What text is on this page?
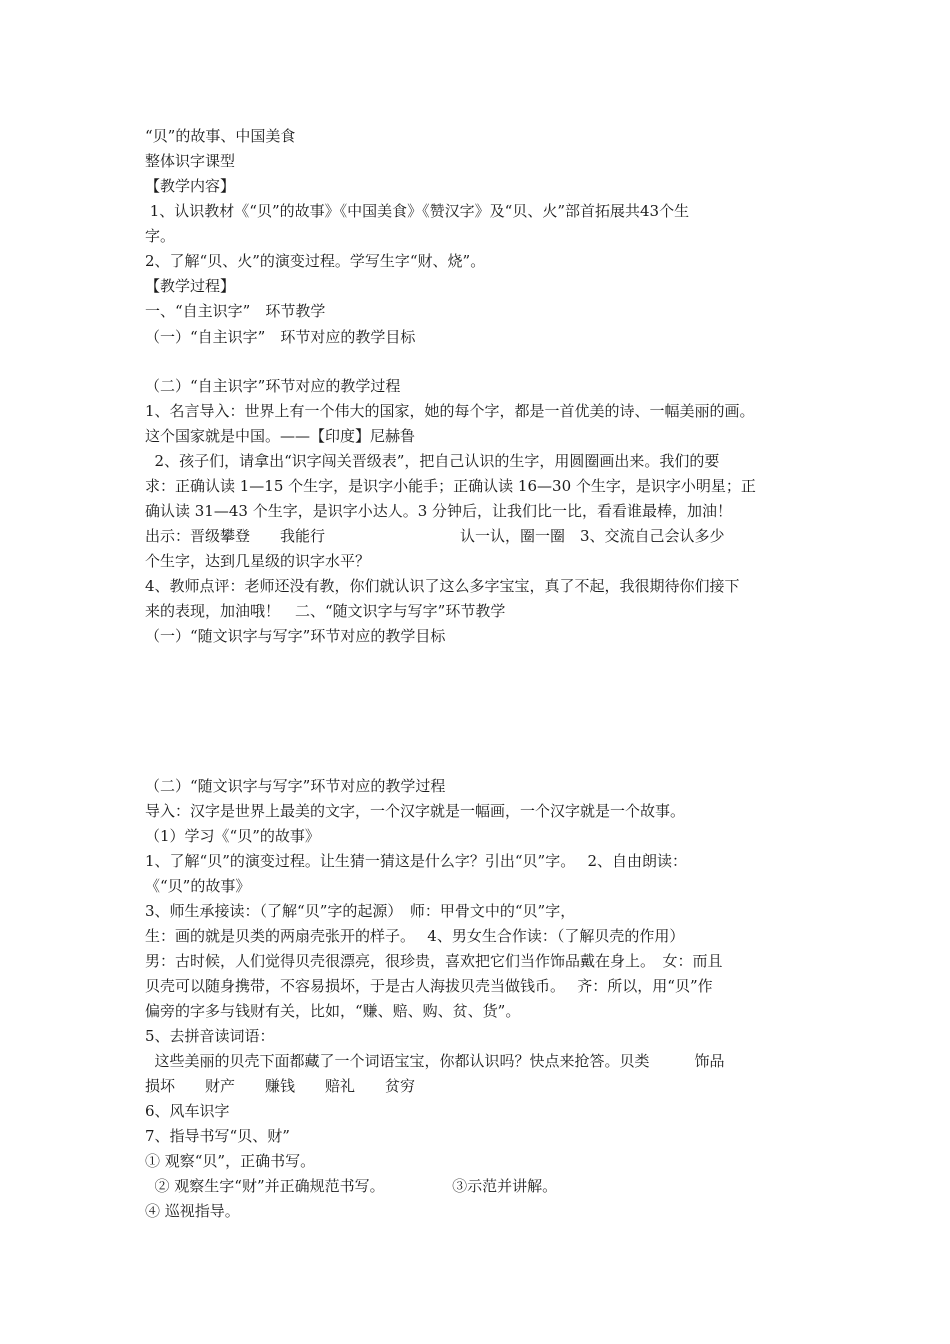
“贝”的故事、中国美食
整体识字课型
【教学内容】
1、认识教材《“贝”的故事》《中国美食》《赞汉字》及“贝、火”部首拓展共43个生
字。
2、了解“贝、火”的演变过程。学写生字“财、烧”。
【教学过程】
一、“自主识字”　环节教学
（一）“自主识字”　环节对应的教学目标
（二）“自主识字”环节对应的教学过程
1、名言导入：世界上有一个伟大的国家，她的每个字，都是一首优美的诗、一幅美丽的画。
这个国家就是中国。——【印度】尼赫鲁
2、孩子们，请拿出“识字闯关晋级表”，把自己认识的生字，用圆圈画出来。我们的要
求：正确认读 1—15 个生字，是识字小能手；正确认读 16—30 个生字，是识字小明星；正
确认读 31—43 个生字，是识字小达人。3 分钟后，让我们比一比，看看谁最棒，加油！
出示：晋级攀登　　我能行　　　　　　　　　认一认，圈一圈　3、交流自己会认多少
个生字，达到几星级的识字水平？
4、教师点评：老师还没有教，你们就认识了这么多字宝宝，真了不起，我很期待你们接下
来的表现，加油哦！　二、“随文识字与写字”环节教学
（一）“随文识字与写字”环节对应的教学目标
（二）“随文识字与写字”环节对应的教学过程
导入：汉字是世界上最美的文字，一个汉字就是一幅画，一个汉字就是一个故事。
（1）学习《“贝”的故事》
1、了解“贝”的演变过程。让生猜一猜这是什么字？引出“贝”字。　 2、自由朗读：
《“贝”的故事》
3、师生承接读：（了解“贝”字的起源）　师：甲骨文中的“贝”字，
生：画的就是贝类的两扇壳张开的样子。　 4、男女生合作读：（了解贝壳的作用）
男：古时候，人们觉得贝壳很漂亮，很珍贵，喜欢把它们当作饰品戴在身上。　女：而且
贝壳可以随身携带，不容易损坏，于是古人海拔贝壳当做钱币。　 齐：所以，用“贝”作
偏旁的字多与钱财有关，比如，“赚、赔、购、贫、货”。
5、去拼音读词语：
这些美丽的贝壳下面都藏了一个词语宝宝，你都认识吗？快点来抢答。贝类　　　饰品
损坏　　财产　　赚钱　　赔礼　　贫穷
6、风车识字
7、指导书写“贝、财”
① 观察“贝”，正确书写。
② 观察生字“财”并正确规范书写。　　　　　③示范并讲解。
④ 巡视指导。
